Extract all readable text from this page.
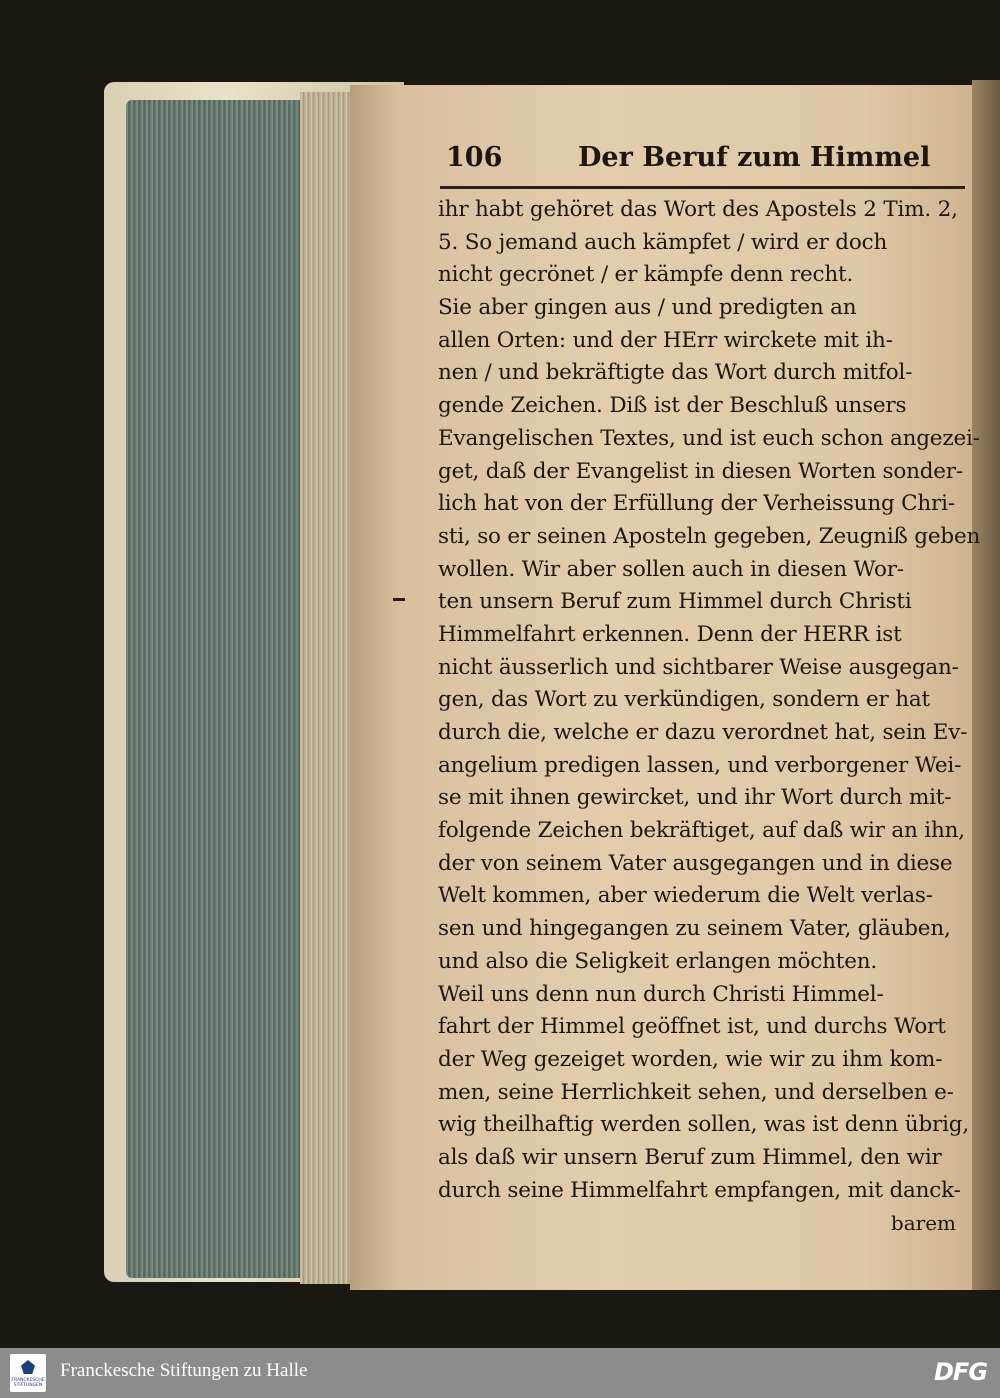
106	Der Beruf zum Himmel
ihr habt gehöret das Wort des Apostels 2 Tim. 2,
5. So jemand auch kämpfet / wird er doch
nicht gecrönet / er kämpfe denn recht.
Sie aber gingen aus / und predigten an
allen Orten: und der HErr wirckete mit ih-
nen / und bekräftigte das Wort durch mitfol-
gende Zeichen. Diß ist der Beschluß unsers
Evangelischen Textes, und ist euch schon angezei-
get, daß der Evangelist in diesen Worten sonder-
lich hat von der Erfüllung der Verheissung Chri-
sti, so er seinen Aposteln gegeben, Zeugniß geben
wollen. Wir aber sollen auch in diesen Wor-
ten unsern Beruf zum Himmel durch Christi
Himmelfahrt erkennen. Denn der HERR ist
nicht äusserlich und sichtbarer Weise ausgegan-
gen, das Wort zu verkündigen, sondern er hat
durch die, welche er dazu verordnet hat, sein Ev-
angelium predigen lassen, und verborgener Wei-
se mit ihnen gewircket, und ihr Wort durch mit-
folgende Zeichen bekräftiget, auf daß wir an ihn,
der von seinem Vater ausgegangen und in diese
Welt kommen, aber wiederum die Welt verlas-
sen und hingegangen zu seinem Vater, gläuben,
und also die Seligkeit erlangen möchten.
Weil uns denn nun durch Christi Himmel-
fahrt der Himmel geöffnet ist, und durchs Wort
der Weg gezeiget worden, wie wir zu ihm kom-
men, seine Herrlichkeit sehen, und derselben e-
wig theilhaftig werden sollen, was ist denn übrig,
als daß wir unsern Beruf zum Himmel, den wir
durch seine Himmelfahrt empfangen, mit danck-
barem
FRANCKESCHE STIFTUNGEN
Franckesche Stiftungen zu Halle	DFG
